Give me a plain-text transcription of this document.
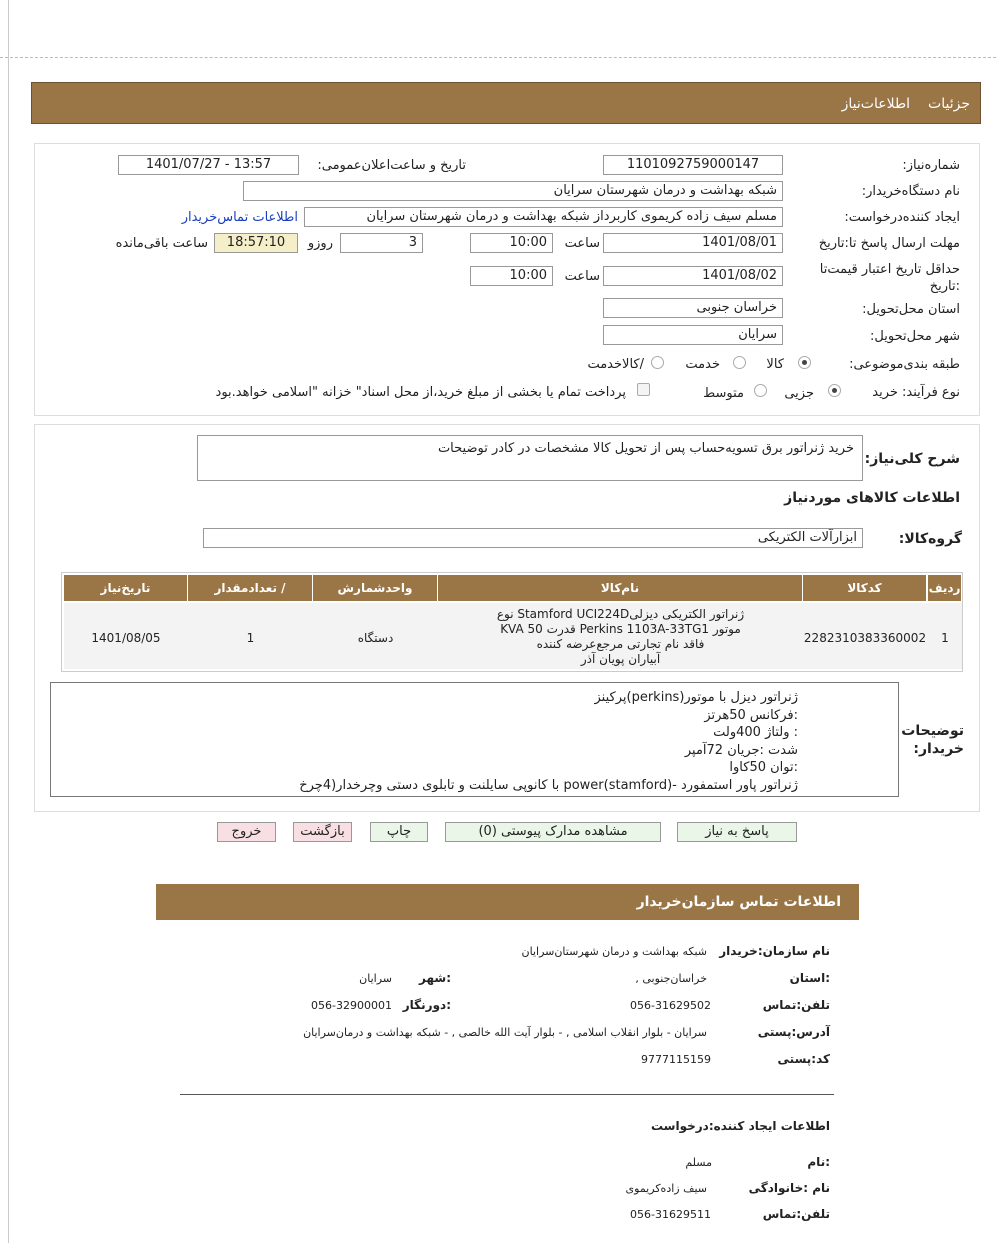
جزئیات
اطلاعات‌نیاز
شماره‌نیاز:
1101092759000147
تاریخ و ساعت‌اعلان‌عمومی:
1401/07/27 - 13:57
نام دستگاه‌خریدار:
شبکه بهداشت و درمان شهرستان سرایان
ایجاد کننده‌درخواست:
مسلم سیف زاده کریموی کاربرداز شبکه بهداشت و درمان شهرستان سرایان
اطلاعات تماس‌خریدار
مهلت ارسال پاسخ تا:تاریخ
1401/08/01
ساعت
10:00
3
روزو
18:57:10
ساعت باقی‌مانده
حداقل تاریخ اعتبار قیمت‌تا :تاریخ
1401/08/02
ساعت
10:00
استان محل‌تحویل:
خراسان جنوبی
شهر محل‌تحویل:
سرایان
طبقه بندی‌موضوعی:
کالا
خدمت
/کالاخدمت
نوع فرآیند: خرید
جزیی
متوسط
پرداخت تمام یا بخشی از مبلغ خرید،از محل اسناد" خزانه "اسلامی خواهد.بود
شرح کلی‌نیاز:
خرید ژنراتور برق تسویه‌حساب پس از تحویل کالا مشخصات در کادر توضیحات
اطلاعات کالاهای موردنیاز
گروه‌کالا:
ابزارآلات الکتریکی
ردیف
کدکالا
نام‌کالا
واحدشمارش
تعدادمقدار /
تاریخ‌نیاز
1
2282310383360002
ژنراتور الکتریکی دیزلیStamford UCI224D نوع
موتور Perkins 1103A-33TG1 قدرت 50 KVA
فاقد نام تجارتی مرجع‌عرضه کننده
آبیاران پویان آذر
دستگاه
1
1401/08/05
توضیحات خریدار:
ژنراتور دیزل با موتور(perkins)پرکینز
:فرکانس 50هرتز
: ولتاژ 400ولت
شدت :جریان 72آمپر
:توان 50کاوا
ژنراتور پاور استمفورد -(stamford)power با کانوپی سایلنت و تابلوی دستی وچرخدار(4چرخ
پاسخ به نیاز
مشاهده مدارک پیوستی (0)
چاپ
بازگشت
خروج
اطلاعات تماس سازمان‌خریدار
نام سازمان:خریدار
شبکه بهداشت و درمان شهرستان‌سرایان
:استان
خراسان‌جنوبی ,
:شهر
سرایان
تلفن:تماس
056-31629502
:دورنگار
056-32900001
آدرس:پستی
سرایان - بلوار انقلاب اسلامی , - بلوار آیت الله خالصی , - شبکه بهداشت و درمان‌سرایان
کد:پستی
9777115159
اطلاعات ایجاد کننده:درخواست
:نام
مسلم
نام :خانوادگی
سیف زاده‌کریموی
تلفن:تماس
056-31629511
